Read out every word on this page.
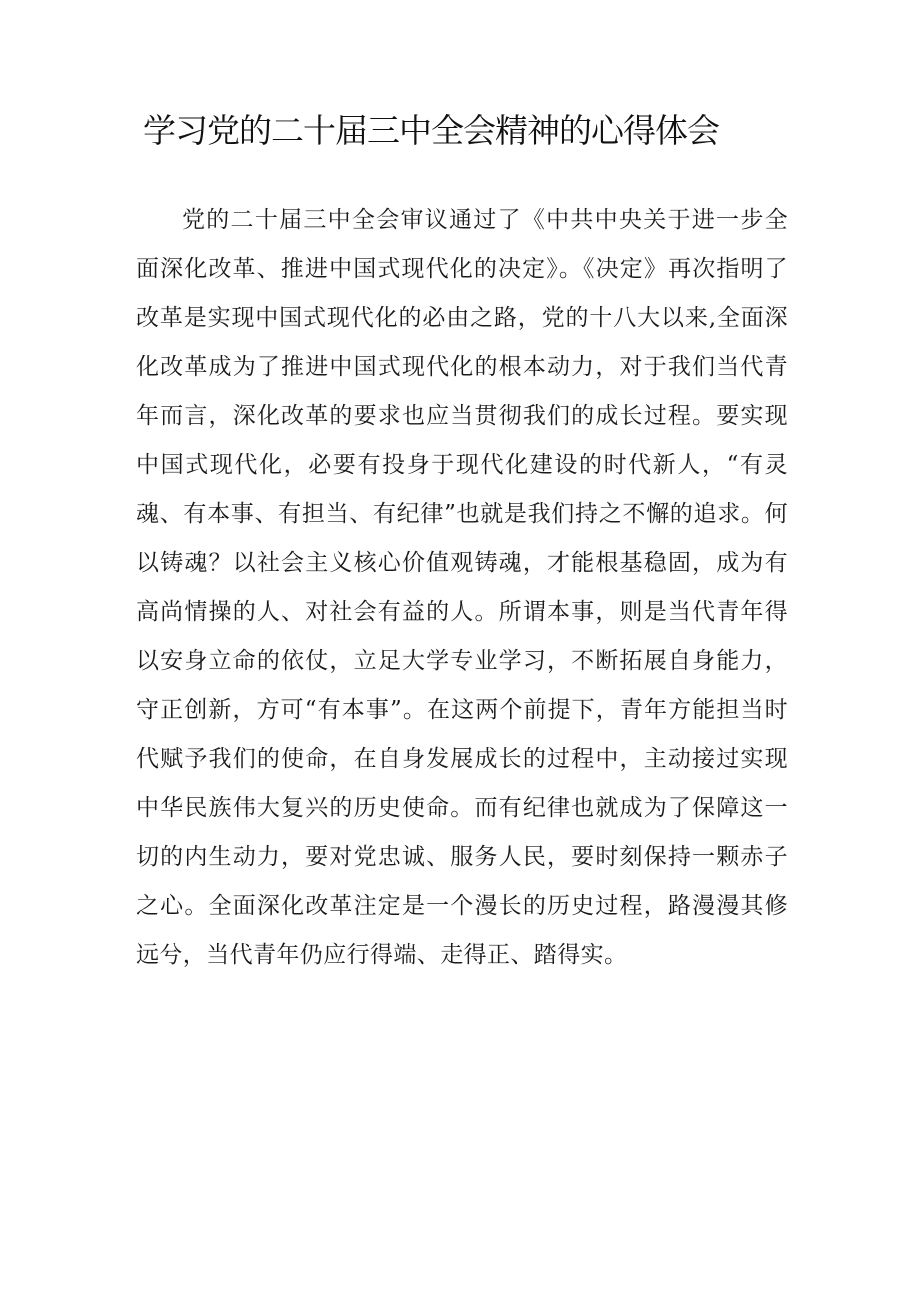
学习党的二十届三中全会精神的心得体会

党的二十届三中全会审议通过了《中共中央关于进一步全面深化改革、推进中国式现代化的决定》。《决定》再次指明了改革是实现中国式现代化的必由之路，党的十八大以来,全面深化改革成为了推进中国式现代化的根本动力，对于我们当代青年而言，深化改革的要求也应当贯彻我们的成长过程。要实现中国式现代化，必要有投身于现代化建设的时代新人，“有灵魂、有本事、有担当、有纪律”也就是我们持之不懈的追求。何以铸魂？以社会主义核心价值观铸魂，才能根基稳固，成为有高尚情操的人、对社会有益的人。所谓本事，则是当代青年得以安身立命的依仗，立足大学专业学习，不断拓展自身能力，守正创新，方可“有本事”。在这两个前提下，青年方能担当时代赋予我们的使命，在自身发展成长的过程中，主动接过实现中华民族伟大复兴的历史使命。而有纪律也就成为了保障这一切的内生动力，要对党忠诚、服务人民，要时刻保持一颗赤子之心。全面深化改革注定是一个漫长的历史过程，路漫漫其修远兮，当代青年仍应行得端、走得正、踏得实。
